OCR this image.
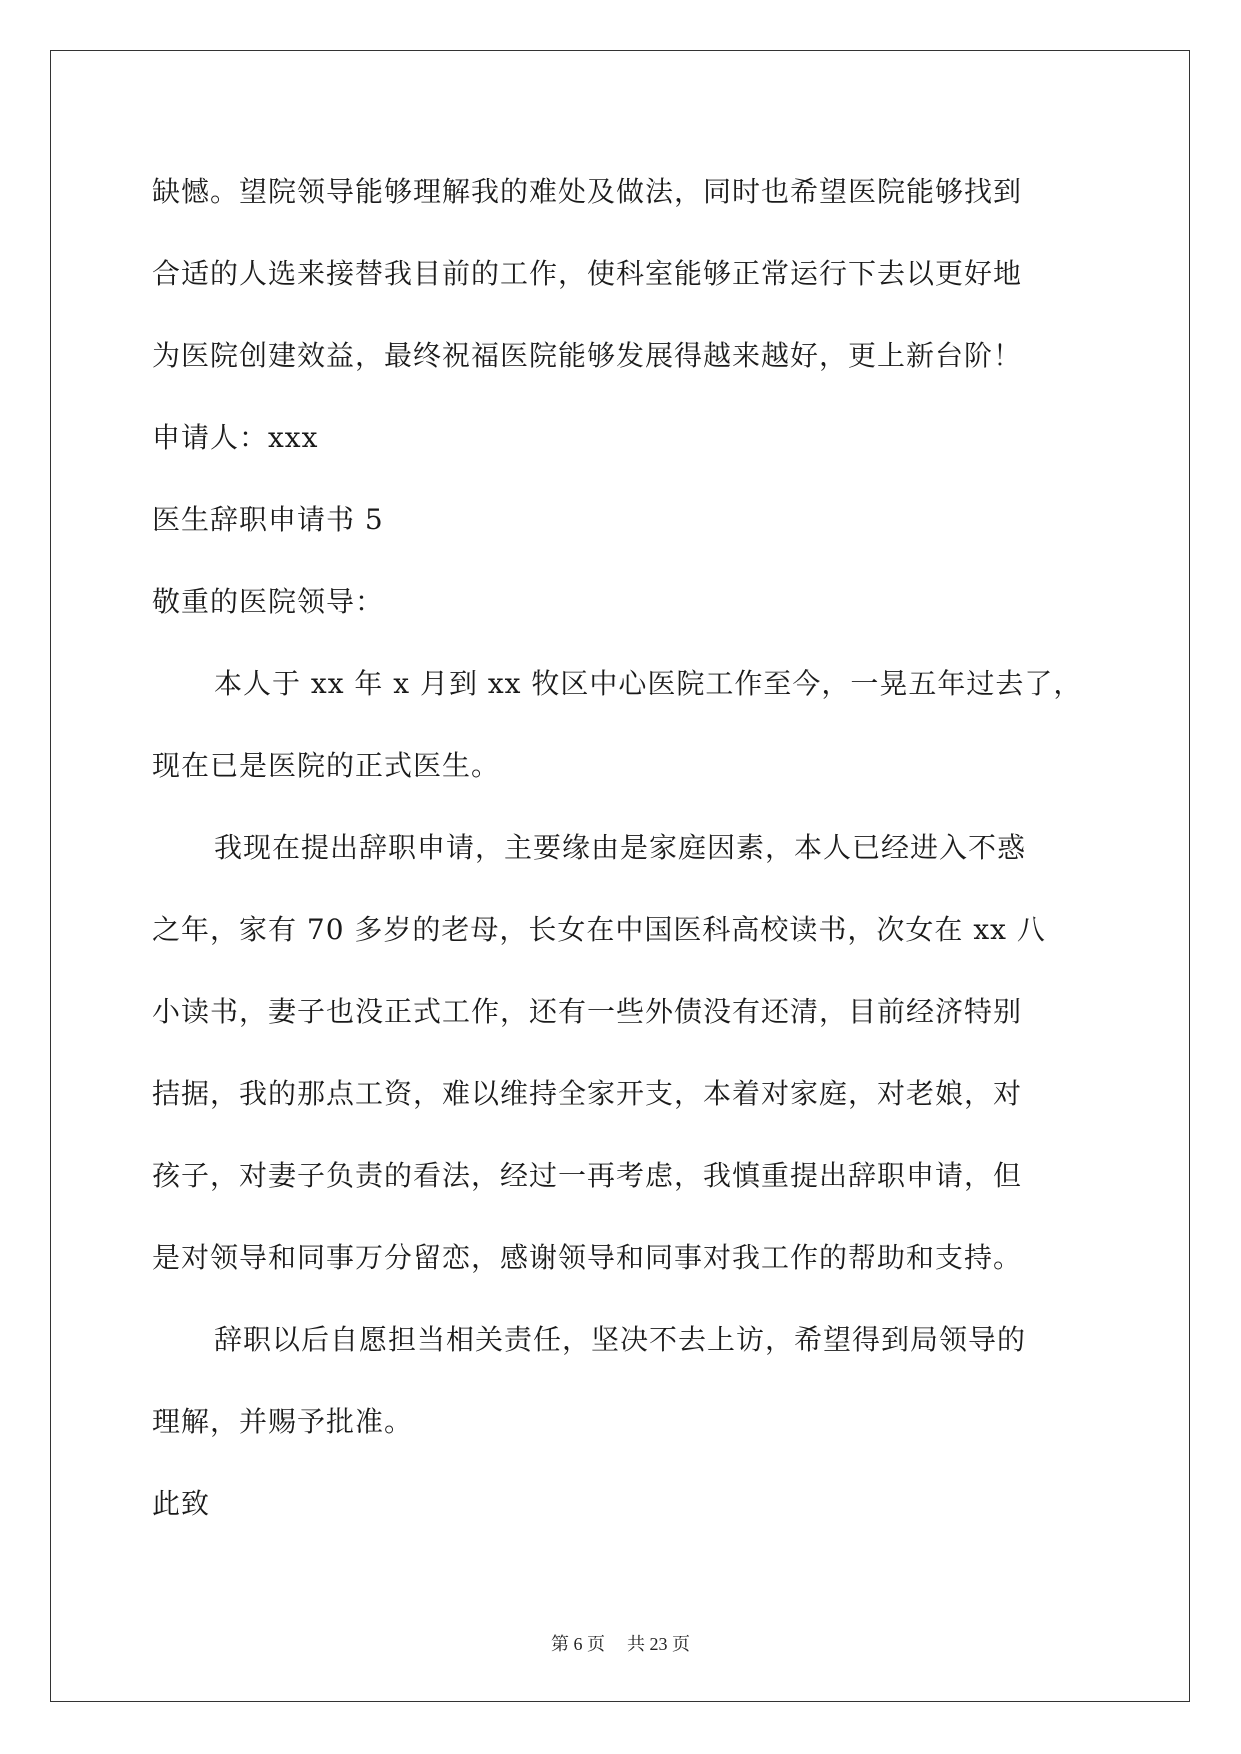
缺憾。望院领导能够理解我的难处及做法，同时也希望医院能够找到
合适的人选来接替我目前的工作，使科室能够正常运行下去以更好地
为医院创建效益，最终祝福医院能够发展得越来越好，更上新台阶！
申请人：xxx
医生辞职申请书 5
敬重的医院领导：
本人于 xx 年 x 月到 xx 牧区中心医院工作至今，一晃五年过去了，
现在已是医院的正式医生。
我现在提出辞职申请，主要缘由是家庭因素，本人已经进入不惑
之年，家有 70 多岁的老母，长女在中国医科高校读书，次女在 xx 八
小读书，妻子也没正式工作，还有一些外债没有还清，目前经济特别
拮据，我的那点工资，难以维持全家开支，本着对家庭，对老娘，对
孩子，对妻子负责的看法，经过一再考虑，我慎重提出辞职申请，但
是对领导和同事万分留恋，感谢领导和同事对我工作的帮助和支持。
辞职以后自愿担当相关责任，坚决不去上访，希望得到局领导的
理解，并赐予批准。
此致
第 6 页 共 23 页
